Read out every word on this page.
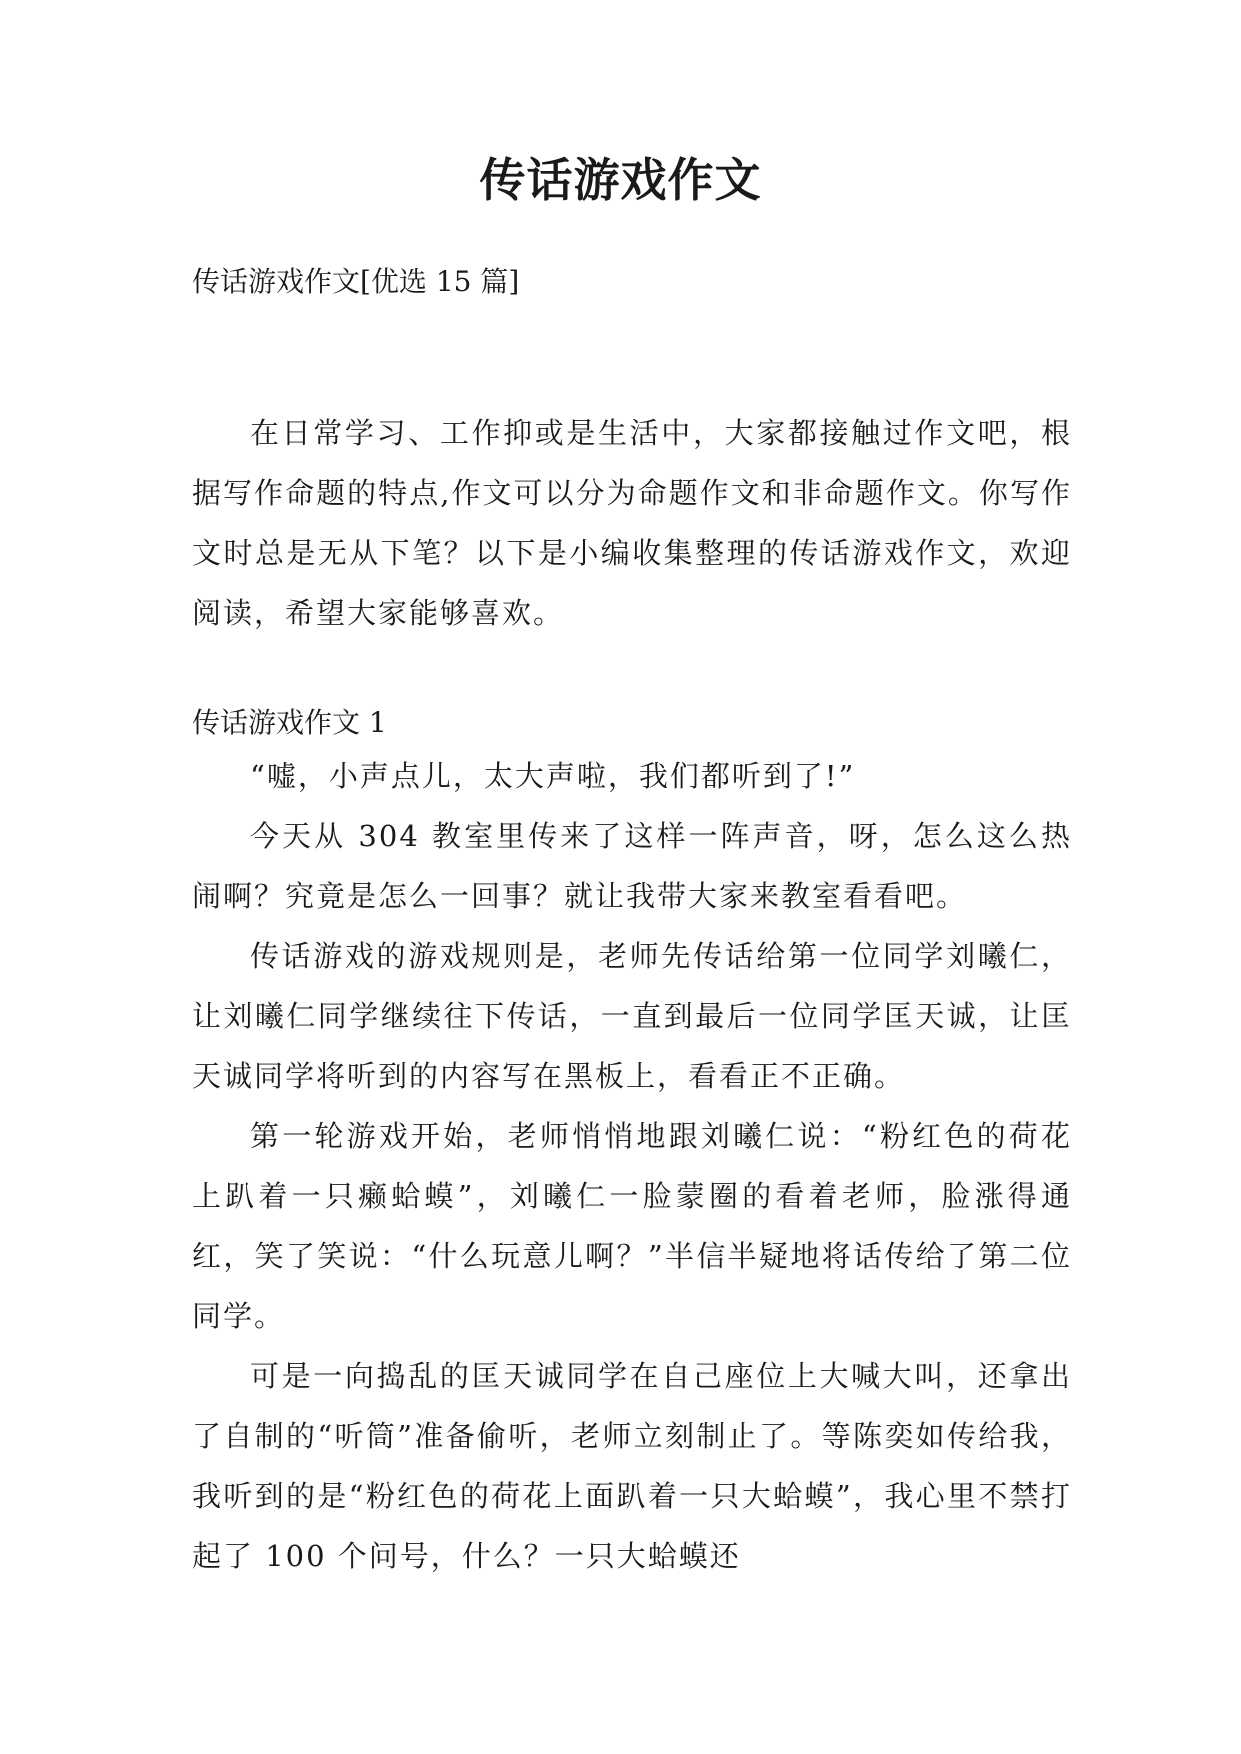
传话游戏作文
传话游戏作文[优选 15 篇]

在日常学习、工作抑或是生活中，大家都接触过作文吧，根据写作命题的特点,作文可以分为命题作文和非命题作文。你写作文时总是无从下笔？以下是小编收集整理的传话游戏作文，欢迎阅读，希望大家能够喜欢。

传话游戏作文 1

“嘘，小声点儿，太大声啦，我们都听到了!”

今天从 304 教室里传来了这样一阵声音，呀，怎么这么热闹啊？究竟是怎么一回事？就让我带大家来教室看看吧。

传话游戏的游戏规则是，老师先传话给第一位同学刘曦仁，让刘曦仁同学继续往下传话，一直到最后一位同学匡天诚，让匡天诚同学将听到的内容写在黑板上，看看正不正确。

第一轮游戏开始，老师悄悄地跟刘曦仁说：“粉红色的荷花上趴着一只癞蛤蟆”，刘曦仁一脸蒙圈的看着老师，脸涨得通红，笑了笑说：“什么玩意儿啊？”半信半疑地将话传给了第二位同学。

可是一向捣乱的匡天诚同学在自己座位上大喊大叫，还拿出了自制的“听筒”准备偷听，老师立刻制止了。等陈奕如传给我，我听到的是“粉红色的荷花上面趴着一只大蛤蟆”，我心里不禁打起了 100 个问号，什么？一只大蛤蟆还
